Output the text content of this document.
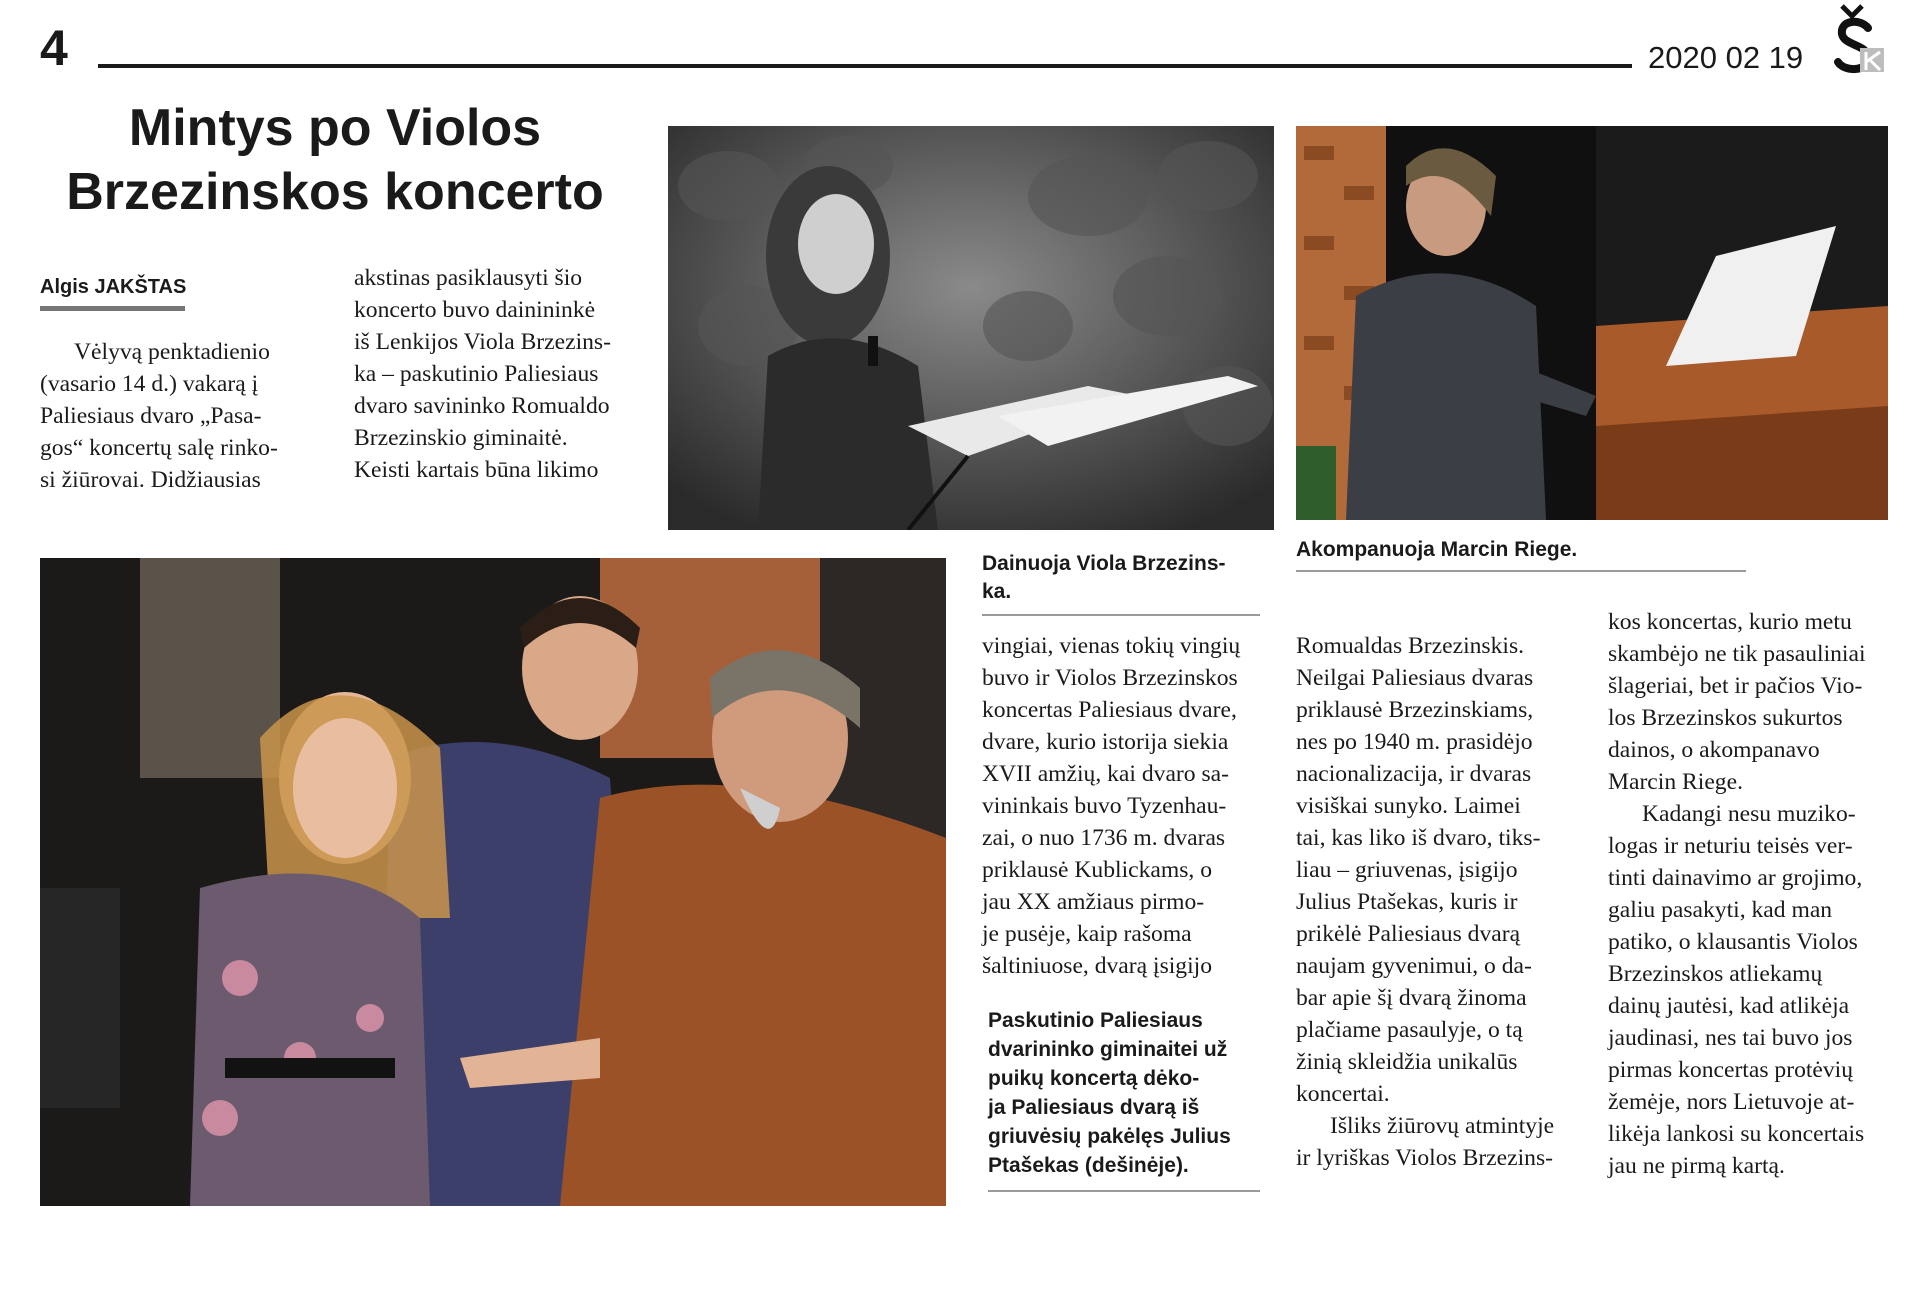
4	2020 02 19
Mintys po Violos
Brzezinskos koncerto
Algis JAKŠTAS
Vėlyvą penktadienio
(vasario 14 d.) vakarą į
Paliesiaus dvaro „Pasa-
gos“ koncertų salę rinko-
si žiūrovai. Didžiausias
akstinas pasiklausyti šio
koncerto buvo dainininkė
iš Lenkijos Viola Brzezins-
ka – paskutinio Paliesiaus
dvaro savininko Romualdo
Brzezinskio giminaitė.
Keisti kartais būna likimo
Dainuoja Viola Brzezins-
ka.
Akompanuoja Marcin Riege.
vingiai, vienas tokių vingių
buvo ir Violos Brzezinskos
koncertas Paliesiaus dvare,
dvare, kurio istorija siekia
XVII amžių, kai dvaro sa-
vininkais buvo Tyzenhau-
zai, o nuo 1736 m. dvaras
priklausė Kublickams, o
jau XX amžiaus pirmo-
je pusėje, kaip rašoma
šaltiniuose, dvarą įsigijo
Paskutinio Paliesiaus
dvarininko giminaitei už
puikų koncertą dėko-
ja Paliesiaus dvarą iš
griuvėsių pakėlęs Julius
Ptašekas (dešinėje).
Romualdas Brzezinskis.
Neilgai Paliesiaus dvaras
priklausė Brzezinskiams,
nes po 1940 m. prasidėjo
nacionalizacija, ir dvaras
visiškai sunyko. Laimei
tai, kas liko iš dvaro, tiks-
liau – griuvenas, įsigijo
Julius Ptašekas, kuris ir
prikėlė Paliesiaus dvarą
naujam gyvenimui, o da-
bar apie šį dvarą žinoma
plačiame pasaulyje, o tą
žinią skleidžia unikalūs
koncertai.
Išliks žiūrovų atmintyje
ir lyriškas Violos Brzezins-
kos koncertas, kurio metu
skambėjo ne tik pasauliniai
šlageriai, bet ir pačios Vio-
los Brzezinskos sukurtos
dainos, o akompanavo
Marcin Riege.
Kadangi nesu muziko-
logas ir neturiu teisės ver-
tinti dainavimo ar grojimo,
galiu pasakyti, kad man
patiko, o klausantis Violos
Brzezinskos atliekamų
dainų jautėsi, kad atlikėja
jaudinasi, nes tai buvo jos
pirmas koncertas protėvių
žemėje, nors Lietuvoje at-
likėja lankosi su koncertais
jau ne pirmą kartą.
